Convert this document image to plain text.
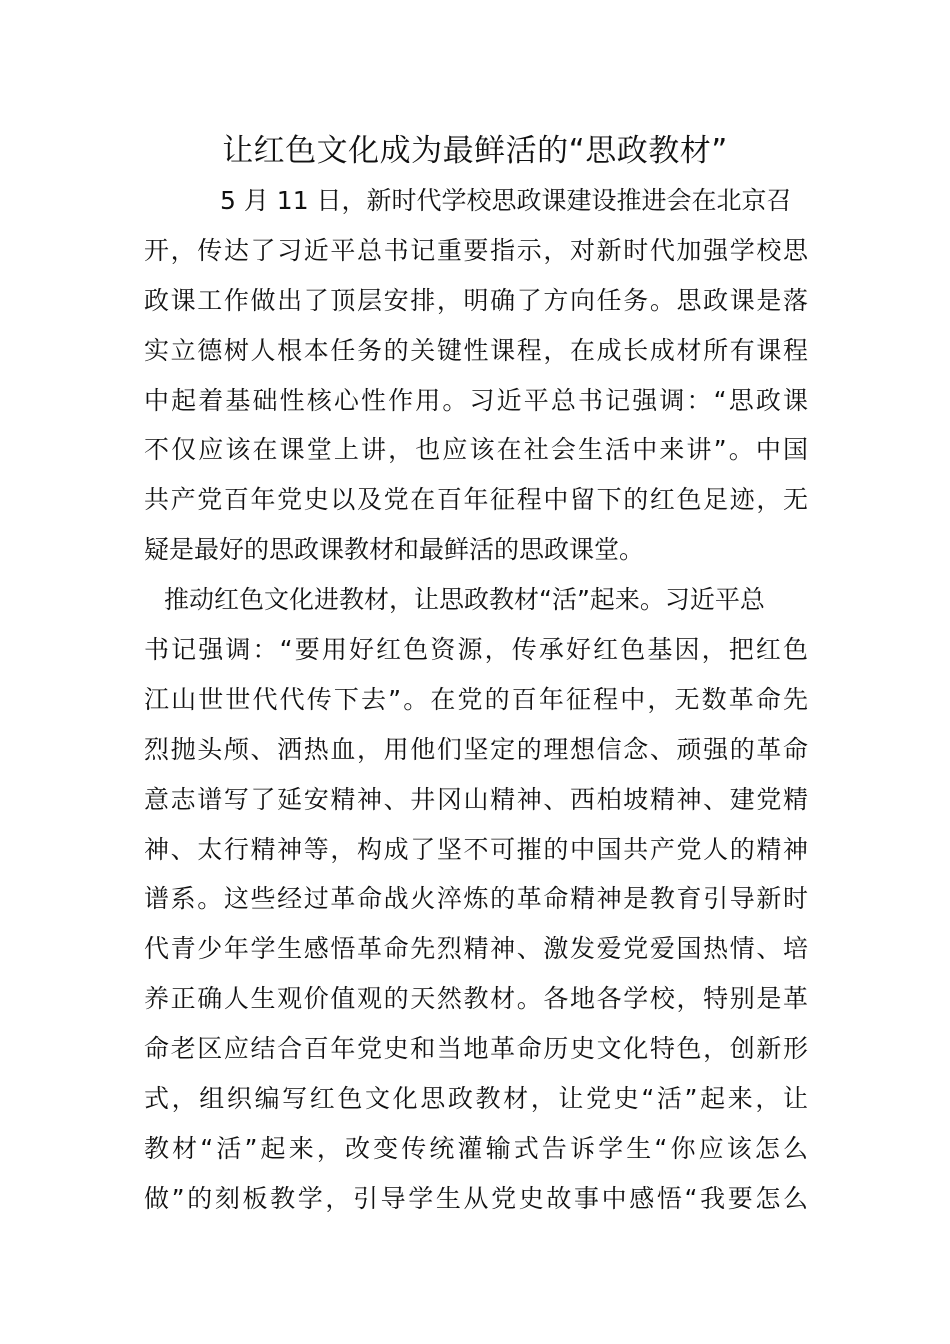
让红色文化成为最鲜活的“思政教材”
5 月 11 日，新时代学校思政课建设推进会在北京召
开，传达了习近平总书记重要指示，对新时代加强学校思
政课工作做出了顶层安排，明确了方向任务。思政课是落
实立德树人根本任务的关键性课程，在成长成材所有课程
中起着基础性核心性作用。习近平总书记强调：“思政课
不仅应该在课堂上讲，也应该在社会生活中来讲”。中国
共产党百年党史以及党在百年征程中留下的红色足迹，无
疑是最好的思政课教材和最鲜活的思政课堂。
推动红色文化进教材，让思政教材“活”起来。习近平总
书记强调：“要用好红色资源，传承好红色基因，把红色
江山世世代代传下去”。在党的百年征程中，无数革命先
烈抛头颅、洒热血，用他们坚定的理想信念、顽强的革命
意志谱写了延安精神、井冈山精神、西柏坡精神、建党精
神、太行精神等，构成了坚不可摧的中国共产党人的精神
谱系。这些经过革命战火淬炼的革命精神是教育引导新时
代青少年学生感悟革命先烈精神、激发爱党爱国热情、培
养正确人生观价值观的天然教材。各地各学校，特别是革
命老区应结合百年党史和当地革命历史文化特色，创新形
式，组织编写红色文化思政教材，让党史“活”起来，让
教材“活”起来，改变传统灌输式告诉学生“你应该怎么
做”的刻板教学，引导学生从党史故事中感悟“我要怎么
